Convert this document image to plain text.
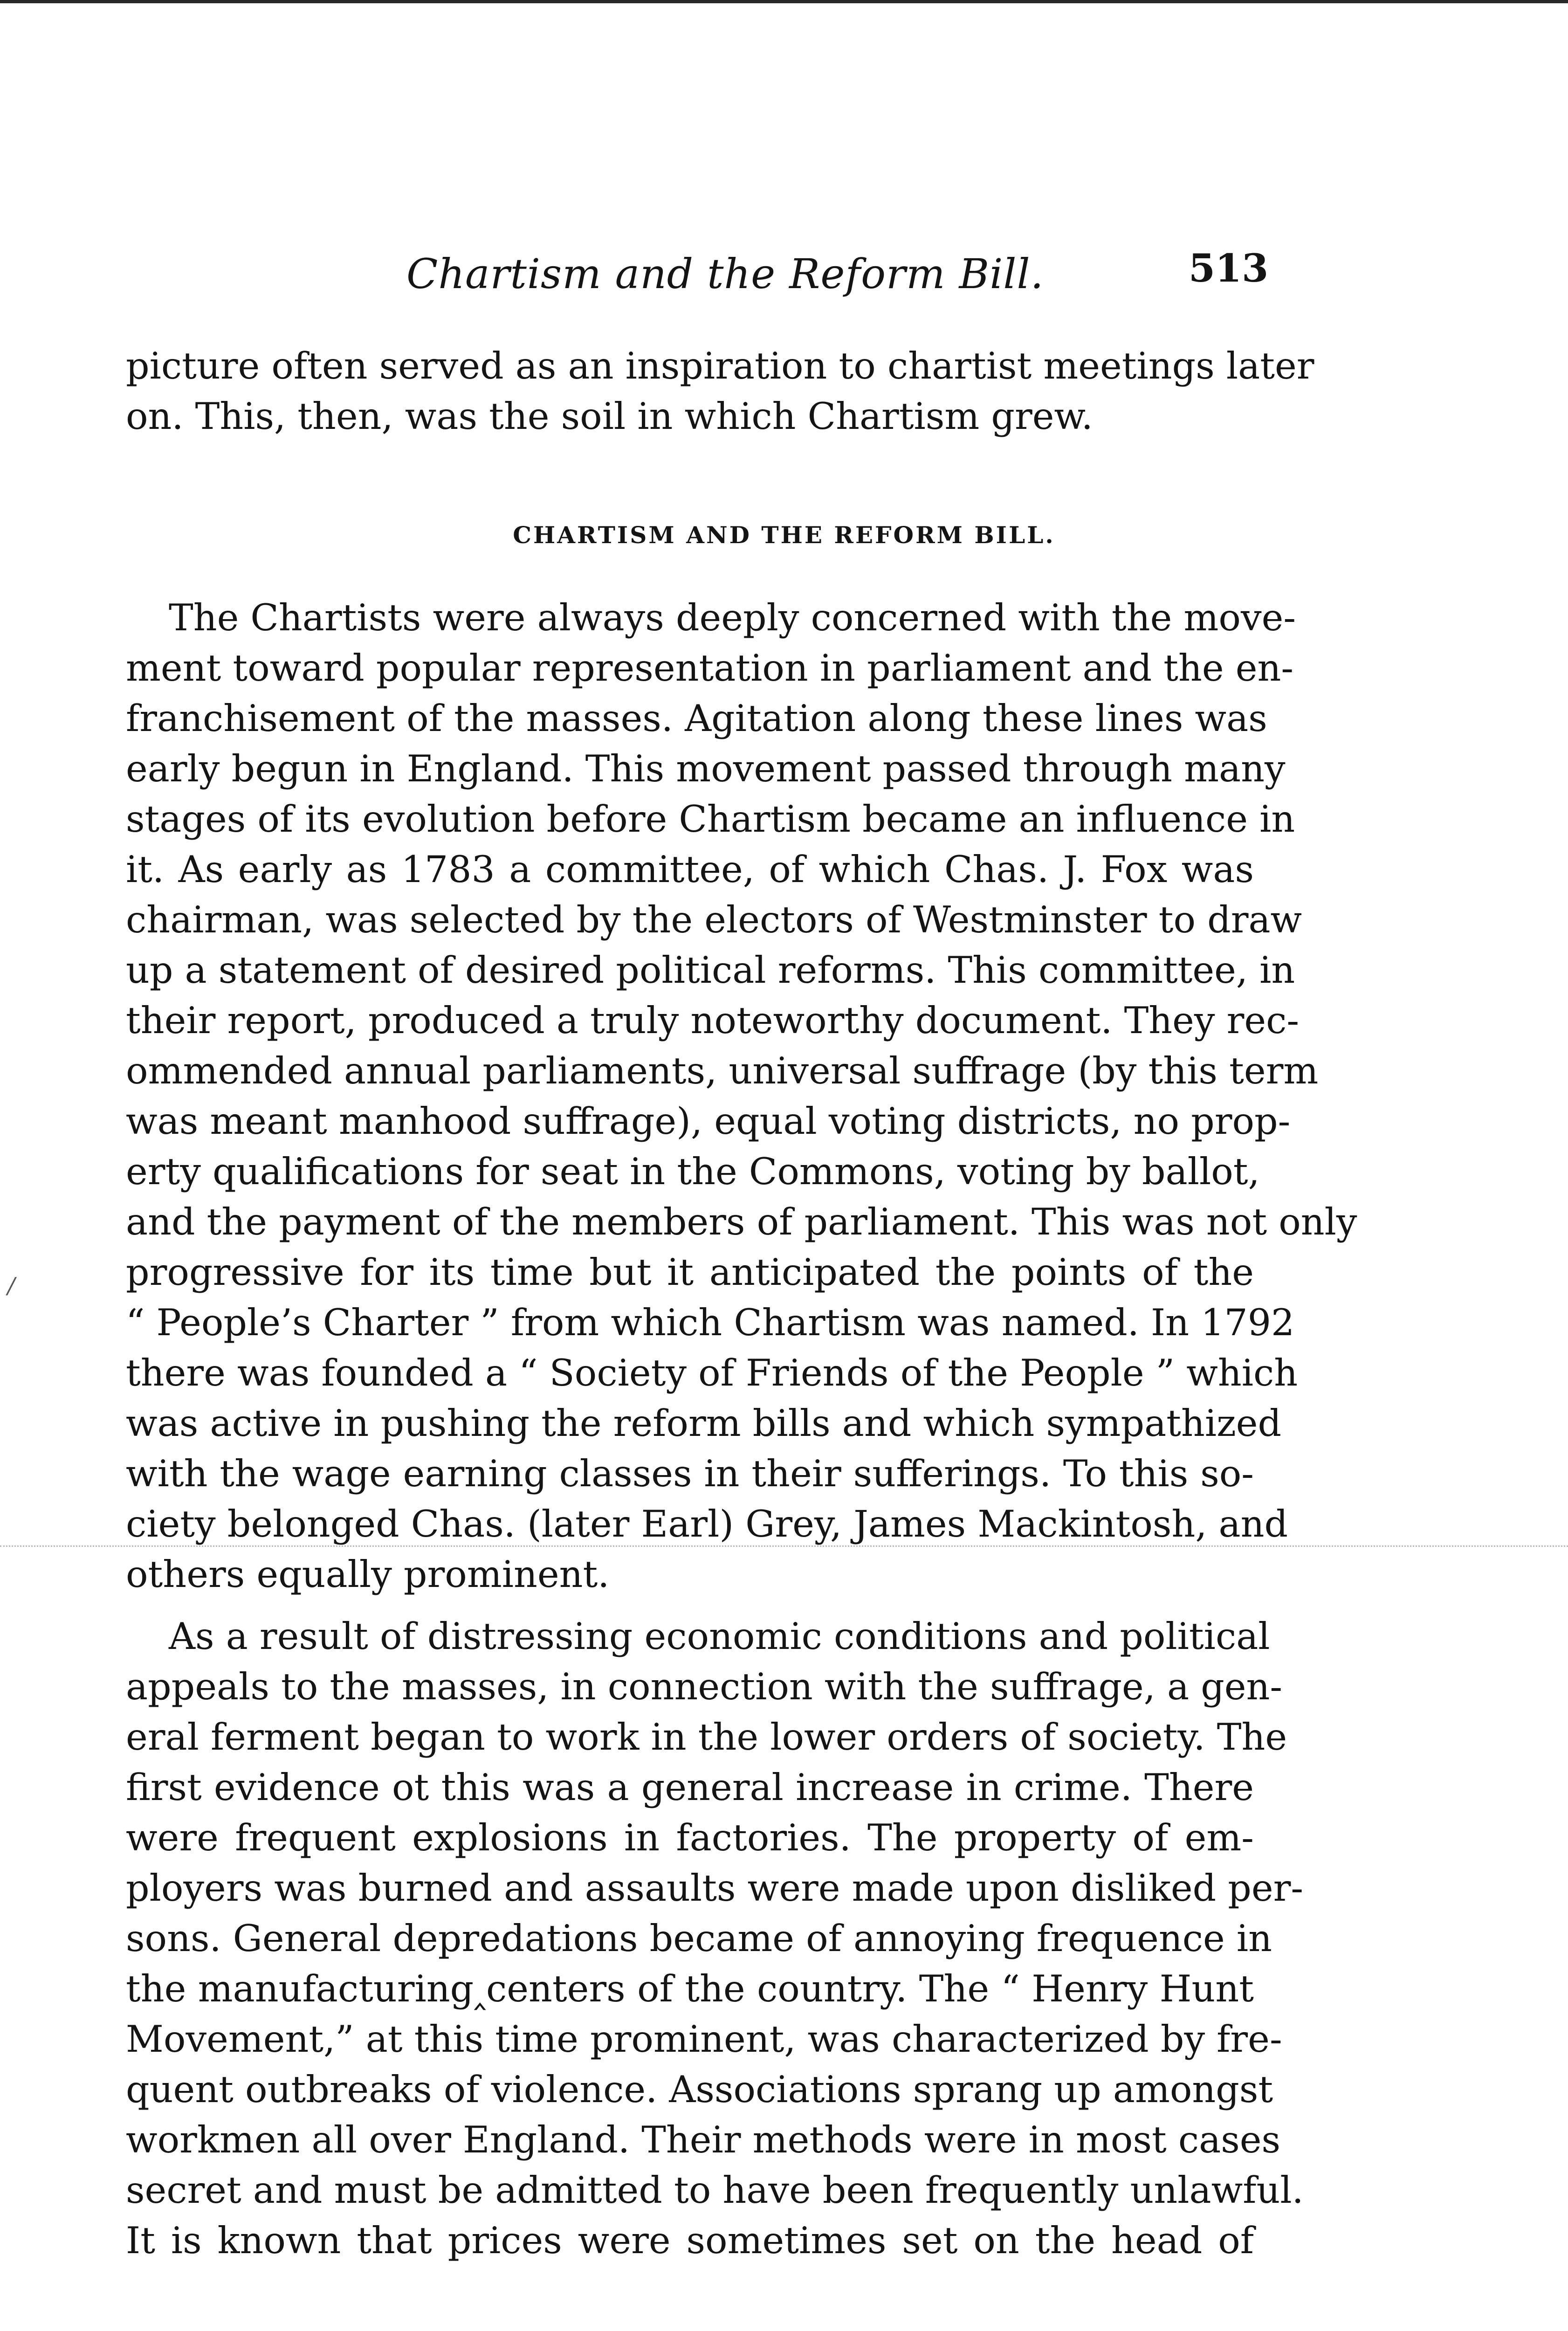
/
Chartism and the Reform Bill.	513
picture often served as an inspiration to chartist meetings later
on. This, then, was the soil in which Chartism grew.
CHARTISM AND THE REFORM BILL.
The Chartists were always deeply concerned with the move-
ment toward popular representation in parliament and the en-
franchisement of the masses. Agitation along these lines was
early begun in England. This movement passed through many
stages of its evolution before Chartism became an influence in
it. As early as 1783 a committee, of which Chas. J. Fox was
chairman, was selected by the electors of Westminster to draw
up a statement of desired political reforms. This committee, in
their report, produced a truly noteworthy document. They rec-
ommended annual parliaments, universal suffrage (by this term
was meant manhood suffrage), equal voting districts, no prop-
erty qualifications for seat in the Commons, voting by ballot,
and the payment of the members of parliament. This was not only
progressive for its time but it anticipated the points of the
“ People’s Charter ” from which Chartism was named. In 1792
there was founded a “ Society of Friends of the People ” which
was active in pushing the reform bills and which sympathized
with the wage earning classes in their sufferings. To this so-
ciety belonged Chas. (later Earl) Grey, James Mackintosh, and
others equally prominent.
As a result of distressing economic conditions and political
appeals to the masses, in connection with the suffrage, a gen-
eral ferment began to work in the lower orders of society. The
first evidence ot this was a general increase in crime. There
were frequent explosions in factories. The property of em-
ployers was burned and assaults were made upon disliked per-
sons. General depredations became of annoying frequence in
the manufacturing‸centers of the country. The “ Henry Hunt
Movement,” at this time prominent, was characterized by fre-
quent outbreaks of violence. Associations sprang up amongst
workmen all over England. Their methods were in most cases
secret and must be admitted to have been frequently unlawful.
It is known that prices were sometimes set on the head of
